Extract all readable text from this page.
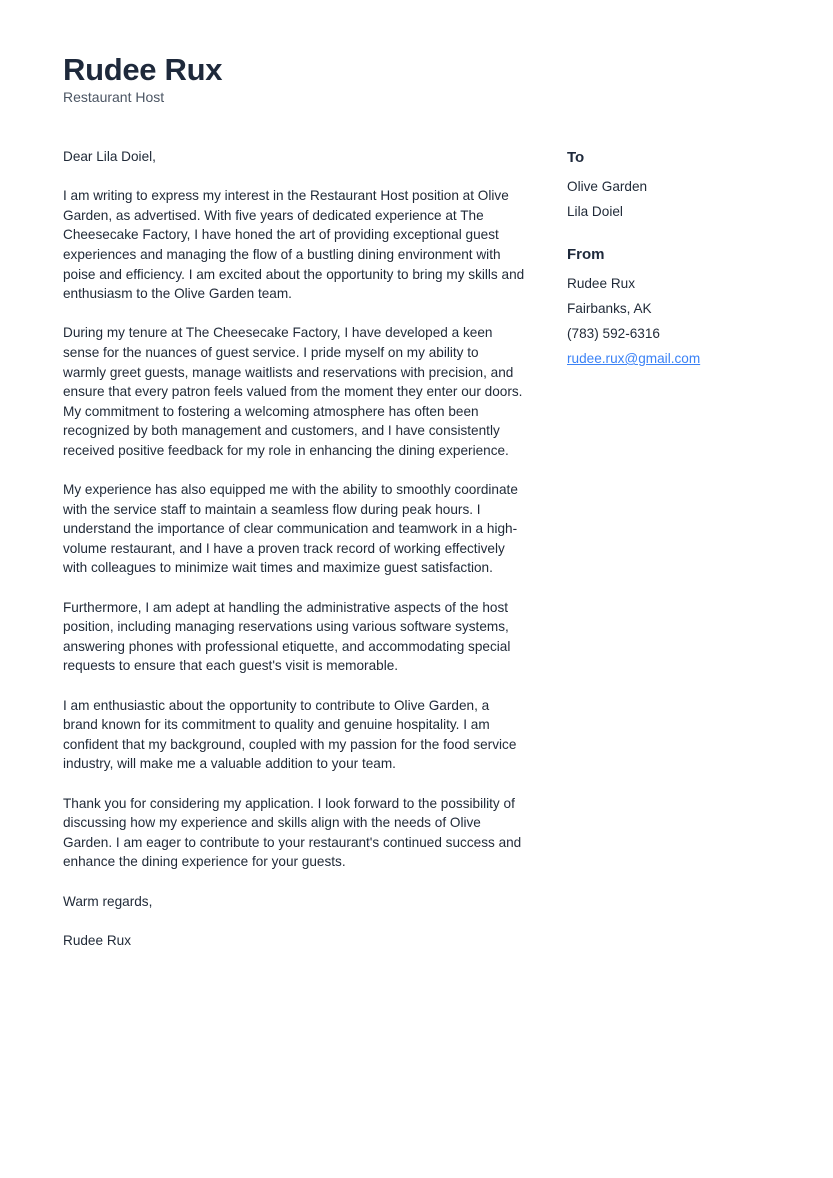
Rudee Rux
Restaurant Host

Dear Lila Doiel,

I am writing to express my interest in the Restaurant Host position at Olive Garden, as advertised. With five years of dedicated experience at The Cheesecake Factory, I have honed the art of providing exceptional guest experiences and managing the flow of a bustling dining environment with poise and efficiency. I am excited about the opportunity to bring my skills and enthusiasm to the Olive Garden team.

During my tenure at The Cheesecake Factory, I have developed a keen sense for the nuances of guest service. I pride myself on my ability to warmly greet guests, manage waitlists and reservations with precision, and ensure that every patron feels valued from the moment they enter our doors. My commitment to fostering a welcoming atmosphere has often been recognized by both management and customers, and I have consistently received positive feedback for my role in enhancing the dining experience.

My experience has also equipped me with the ability to smoothly coordinate with the service staff to maintain a seamless flow during peak hours. I understand the importance of clear communication and teamwork in a high-volume restaurant, and I have a proven track record of working effectively with colleagues to minimize wait times and maximize guest satisfaction.

Furthermore, I am adept at handling the administrative aspects of the host position, including managing reservations using various software systems, answering phones with professional etiquette, and accommodating special requests to ensure that each guest's visit is memorable.

I am enthusiastic about the opportunity to contribute to Olive Garden, a brand known for its commitment to quality and genuine hospitality. I am confident that my background, coupled with my passion for the food service industry, will make me a valuable addition to your team.

Thank you for considering my application. I look forward to the possibility of discussing how my experience and skills align with the needs of Olive Garden. I am eager to contribute to your restaurant's continued success and enhance the dining experience for your guests.

Warm regards,

Rudee Rux

To
Olive Garden
Lila Doiel
From
Rudee Rux
Fairbanks, AK
(783) 592-6316
rudee.rux@gmail.com
